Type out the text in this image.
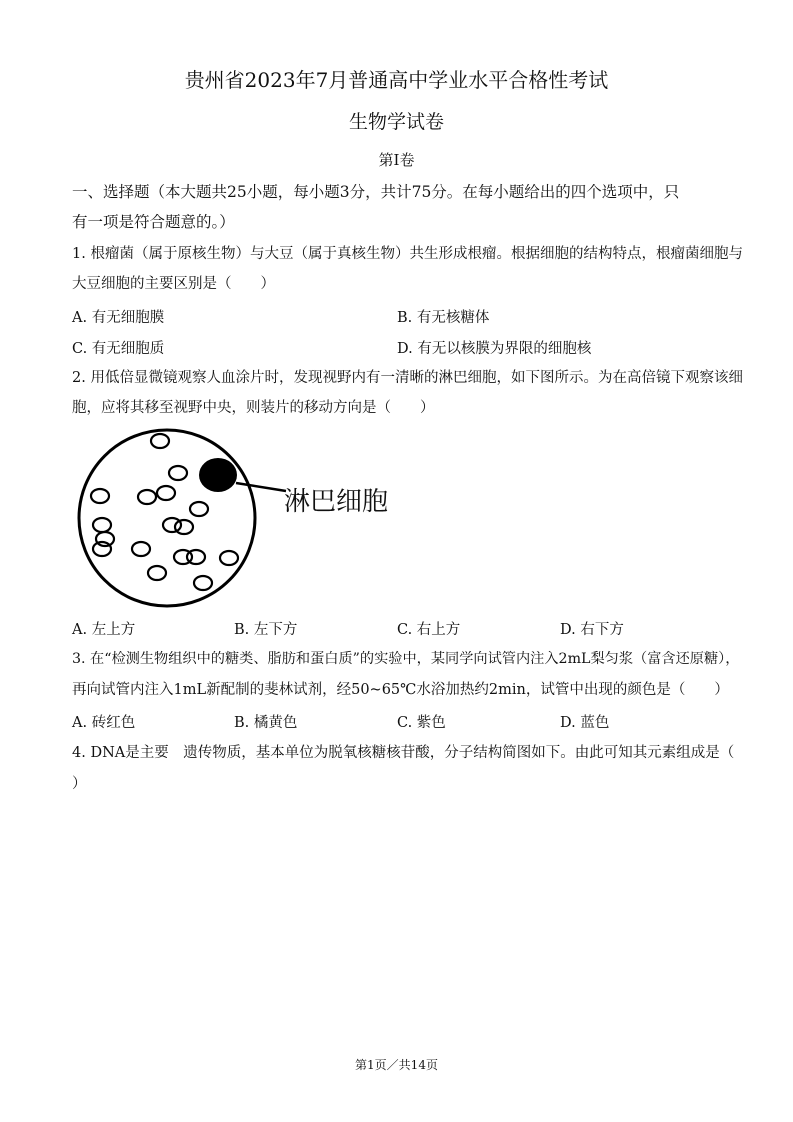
贵州省2023年7月普通高中学业水平合格性考试
生物学试卷
第I卷
一、选择题（本大题共25小题，每小题3分，共计75分。在每小题给出的四个选项中，只
有一项是符合题意的。）
1. 根瘤菌（属于原核生物）与大豆（属于真核生物）共生形成根瘤。根据细胞的结构特点，根瘤菌细胞与
大豆细胞的主要区别是（　　）
A. 有无细胞膜	B. 有无核糖体
C. 有无细胞质	D. 有无以核膜为界限的细胞核
2. 用低倍显微镜观察人血涂片时，发现视野内有一清晰的淋巴细胞，如下图所示。为在高倍镜下观察该细
胞，应将其移至视野中央，则装片的移动方向是（　　）
淋巴细胞
A. 左上方	B. 左下方	C. 右上方	D. 右下方
3. 在“检测生物组织中的糖类、脂肪和蛋白质”的实验中，某同学向试管内注入2mL梨匀浆（富含还原糖），
再向试管内注入1mL新配制的斐林试剂，经50~65℃水浴加热约2min，试管中出现的颜色是（　　）
A. 砖红色	B. 橘黄色	C. 紫色	D. 蓝色
4. DNA是主要　遗传物质，基本单位为脱氧核糖核苷酸，分子结构简图如下。由此可知其元素组成是（
）
第1页／共14页
